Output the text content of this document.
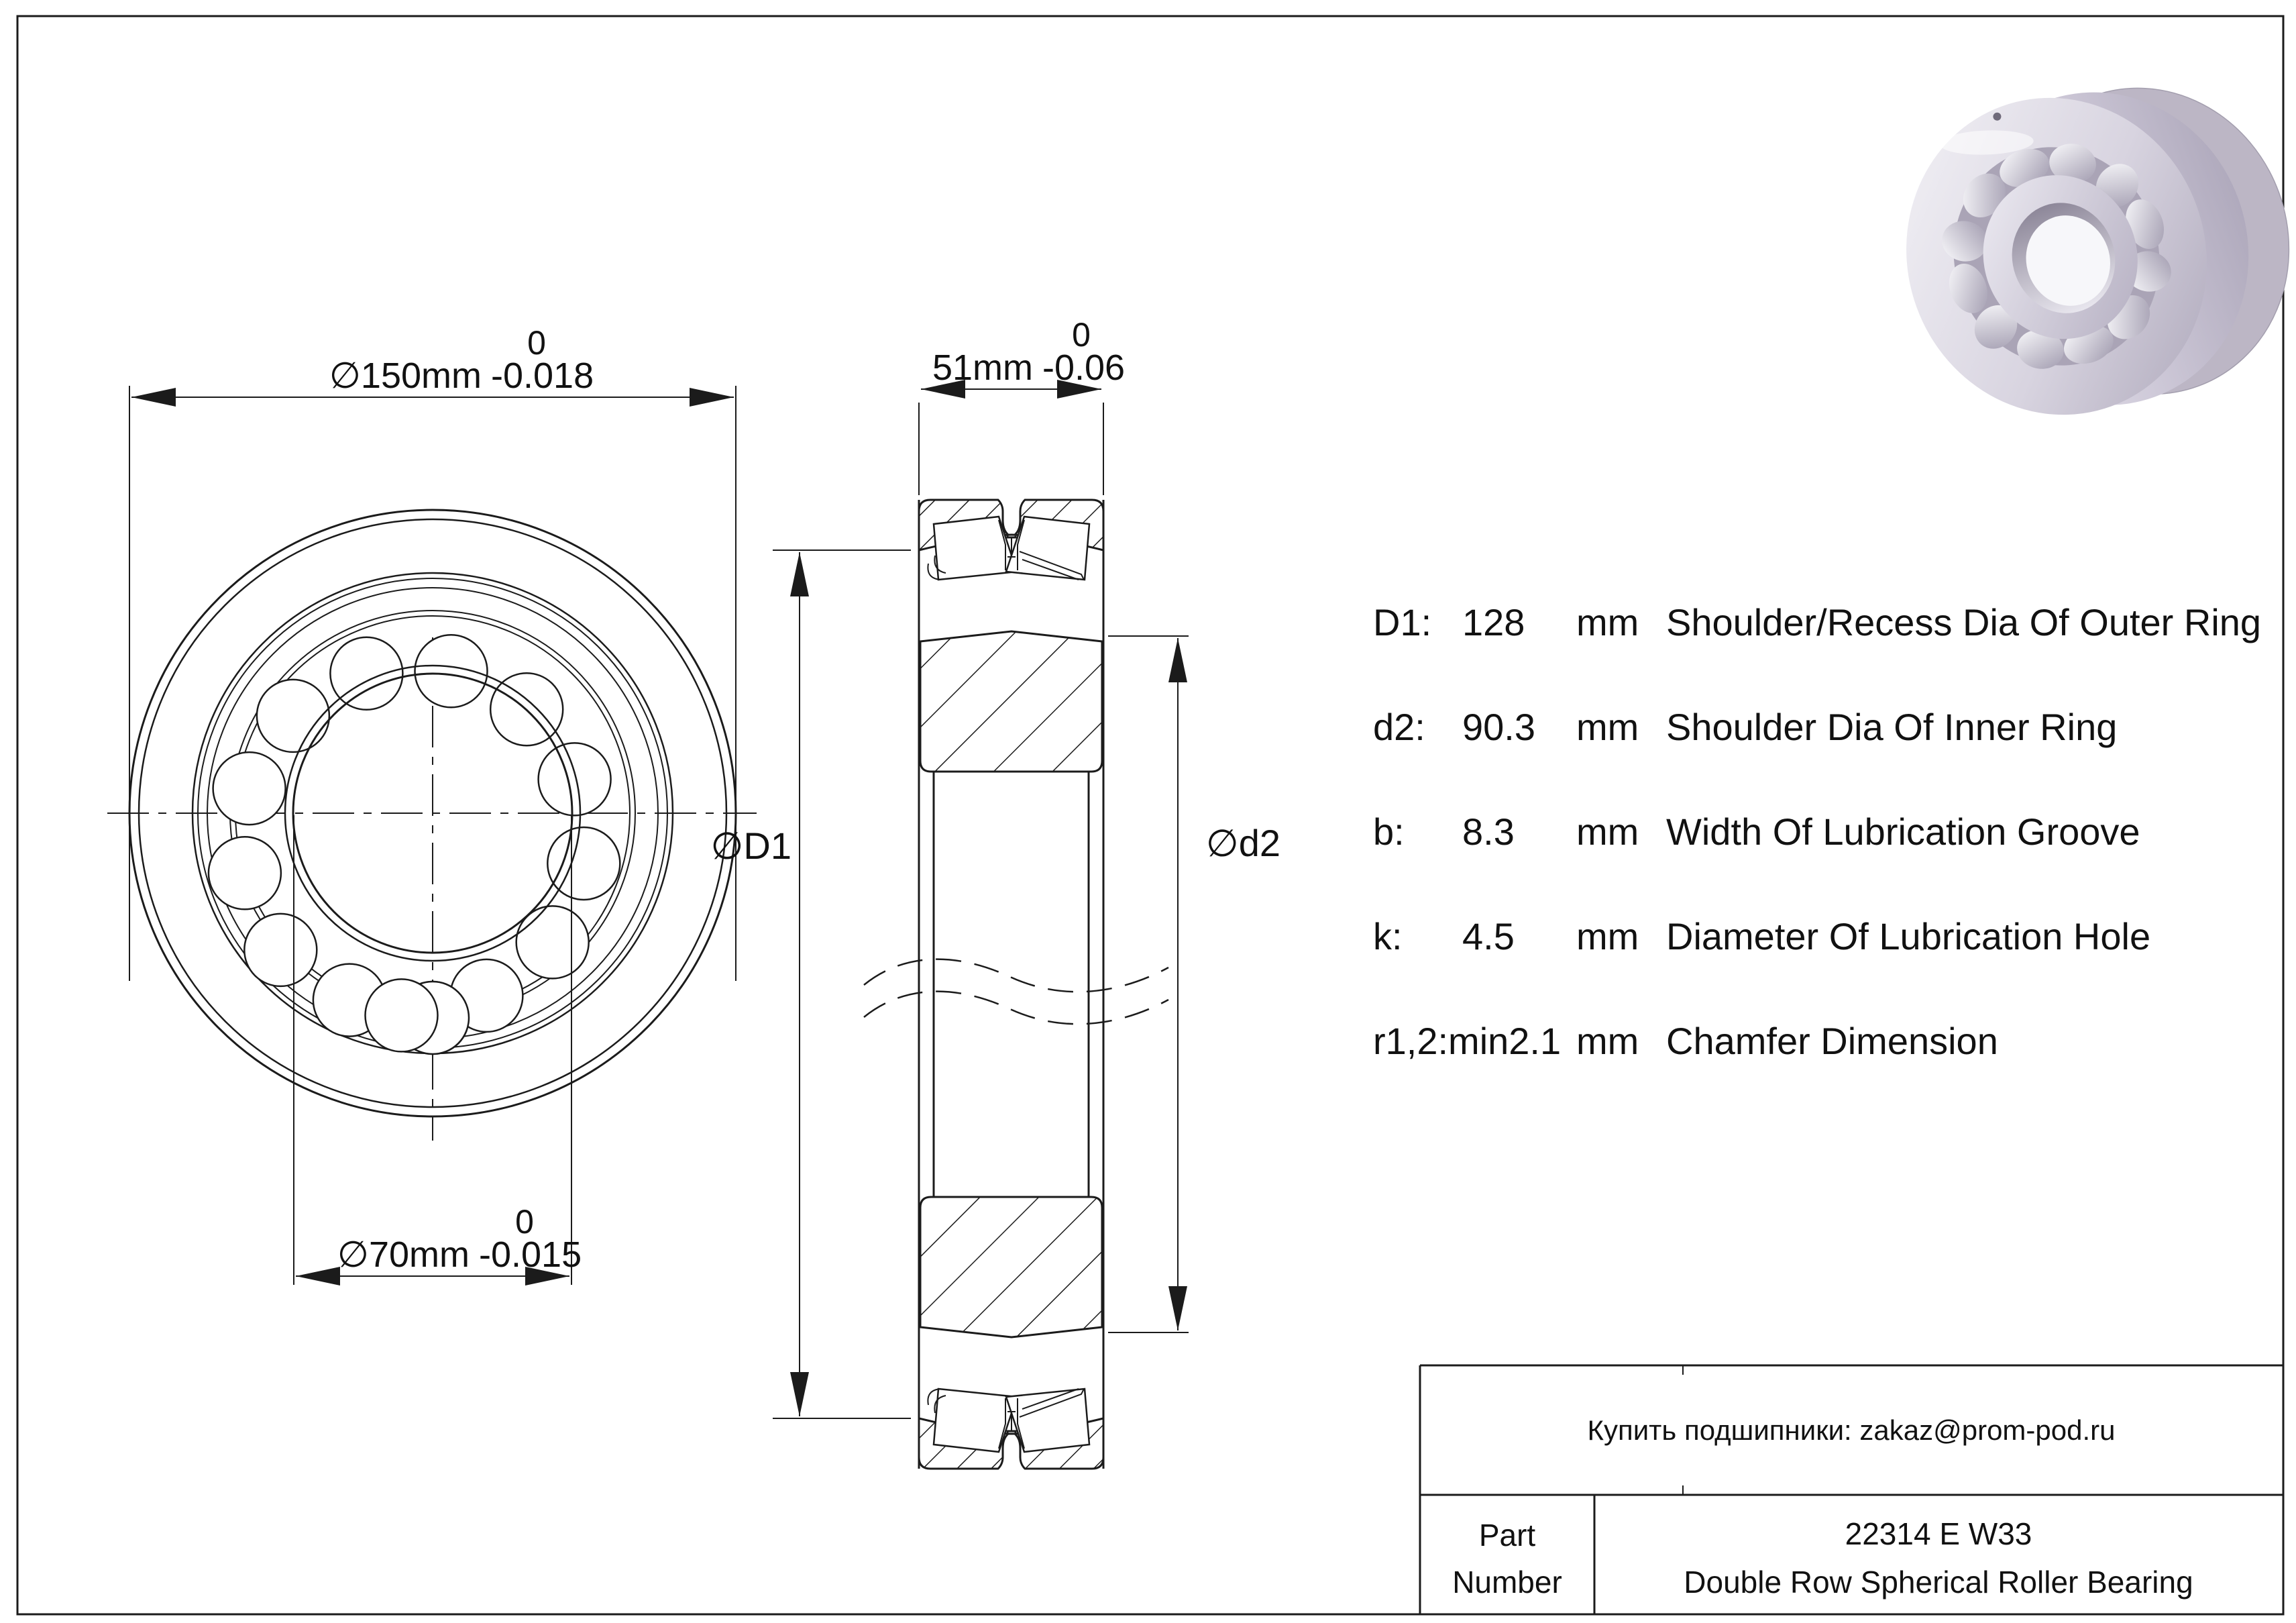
∅150mm -0.018
0
∅70mm -0.015
0
51mm -0.06
0
∅D1	∅d2
D1: 128 mm Shoulder/Recess Dia Of Outer Ring
d2: 90.3 mm Shoulder Dia Of Inner Ring
b: 8.3 mm Width Of Lubrication Groove
k: 4.5 mm Diameter Of Lubrication Hole
r1,2:min2.1 mm Chamfer Dimension
Купить подшипники: zakaz@prom-pod.ru
Part
Number
22314 E W33
Double Row Spherical Roller Bearing
